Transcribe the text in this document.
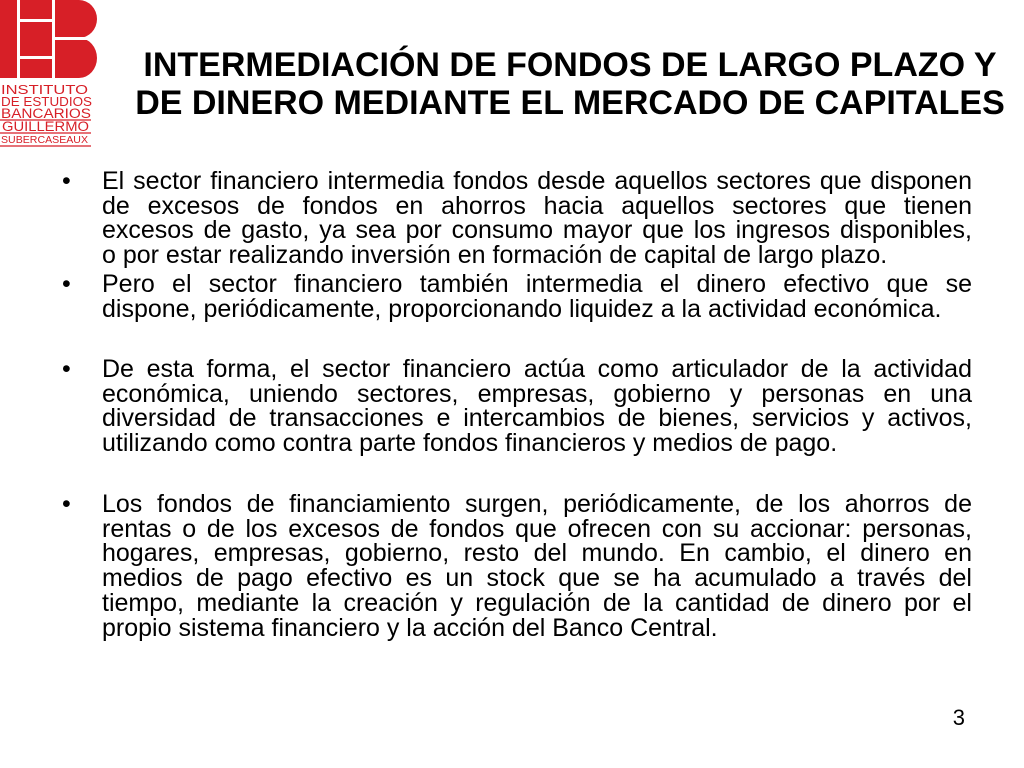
INSTITUTO
DE ESTUDIOS
BANCARIOS
GUILLERMO
SUBERCASEAUX
INTERMEDIACIÓN DE FONDOS DE LARGO PLAZO Y
DE DINERO MEDIANTE EL MERCADO DE CAPITALES
• El sector financiero intermedia fondos desde aquellos sectores que disponen
de excesos de fondos en ahorros hacia aquellos sectores que tienen
excesos de gasto, ya sea por consumo mayor que los ingresos disponibles,
o por estar realizando inversión en formación de capital de largo plazo.
• Pero el sector financiero también intermedia el dinero efectivo que se
dispone, periódicamente, proporcionando liquidez a la actividad económica.
• De esta forma, el sector financiero actúa como articulador de la actividad
económica, uniendo sectores, empresas, gobierno y personas en una
diversidad de transacciones e intercambios de bienes, servicios y activos,
utilizando como contra parte fondos financieros y medios de pago.
• Los fondos de financiamiento surgen, periódicamente, de los ahorros de
rentas o de los excesos de fondos que ofrecen con su accionar: personas,
hogares, empresas, gobierno, resto del mundo. En cambio, el dinero en
medios de pago efectivo es un stock que se ha acumulado a través del
tiempo, mediante la creación y regulación de la cantidad de dinero por el
propio sistema financiero y la acción del Banco Central.
3
